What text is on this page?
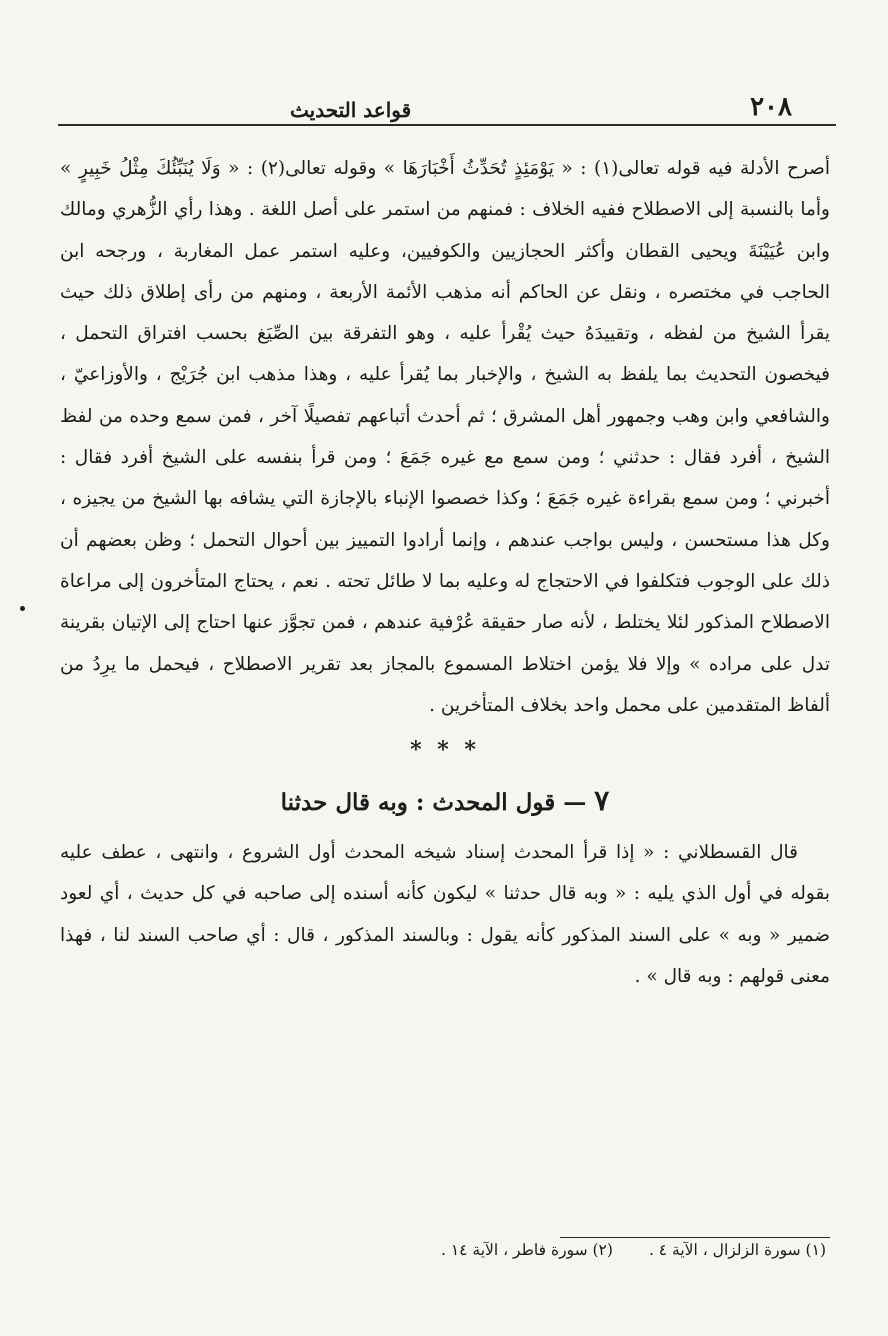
٢٠٨
قواعد التحديث

أصرح الأدلة فيه قوله تعالى(١) : « يَوْمَئِذٍ تُحَدِّثُ أَخْبَارَهَا » وقوله تعالى(٢) : « وَلَا يُنَبِّئُكَ مِثْلُ خَبِيرٍ » وأما بالنسبة إلى الاصطلاح ففيه الخلاف : فمنهم من استمر على أصل اللغة . وهذا رأي الزُّهري ومالك وابن عُيَيْنَةَ ويحيى القطان وأكثر الحجازيين والكوفيين، وعليه استمر عمل المغاربة ، ورجحه ابن الحاجب في مختصره ، ونقل عن الحاكم أنه مذهب الأئمة الأربعة ، ومنهم من رأى إطلاق ذلك حيث يقرأ الشيخ من لفظه ، وتقييدَهُ حيث يُقْرأ عليه ، وهو التفرقة بين الصِّيَغ بحسب افتراق التحمل ، فيخصون التحديث بما يلفظ به الشيخ ، والإخبار بما يُقرأ عليه ، وهذا مذهب ابن جُرَيْج ، والأوزاعيّ ، والشافعي وابن وهب وجمهور أهل المشرق ؛ ثم أحدث أتباعهم تفصيلًا آخر ، فمن سمع وحده من لفظ الشيخ ، أفرد فقال : حدثني ؛ ومن سمع مع غيره جَمَعَ ؛ ومن قرأ بنفسه على الشيخ أفرد فقال : أخبرني ؛ ومن سمع بقراءة غيره جَمَعَ ؛ وكذا خصصوا الإنباء بالإجازة التي يشافه بها الشيخ من يجيزه ، وكل هذا مستحسن ، وليس بواجب عندهم ، وإنما أرادوا التمييز بين أحوال التحمل ؛ وظن بعضهم أن ذلك على الوجوب فتكلفوا في الاحتجاج له وعليه بما لا طائل تحته . نعم ، يحتاج المتأخرون إلى مراعاة الاصطلاح المذكور لئلا يختلط ، لأنه صار حقيقة عُرْفية عندهم ، فمن تجوَّز عنها احتاج إلى الإتيان بقرينة تدل على مراده » وإلا فلا يؤمن اختلاط المسموع بالمجاز بعد تقرير الاصطلاح ، فيحمل ما يرِدُ من ألفاظ المتقدمين على محمل واحد بخلاف المتأخرين .

* * *
٧ — قول المحدث : وبه قال حدثنا

قال القسطلاني : « إذا قرأ المحدث إسناد شيخه المحدث أول الشروع ، وانتهى ، عطف عليه بقوله في أول الذي يليه : « وبه قال حدثنا » ليكون كأنه أسنده إلى صاحبه في كل حديث ، أي لعود ضمير « وبه » على السند المذكور كأنه يقول : وبالسند المذكور ، قال : أي صاحب السند لنا ، فهذا معنى قولهم : وبه قال » .

(١) سورة الزلزال ، الآية ٤ .
(٢) سورة فاطر ، الآية ١٤ .
